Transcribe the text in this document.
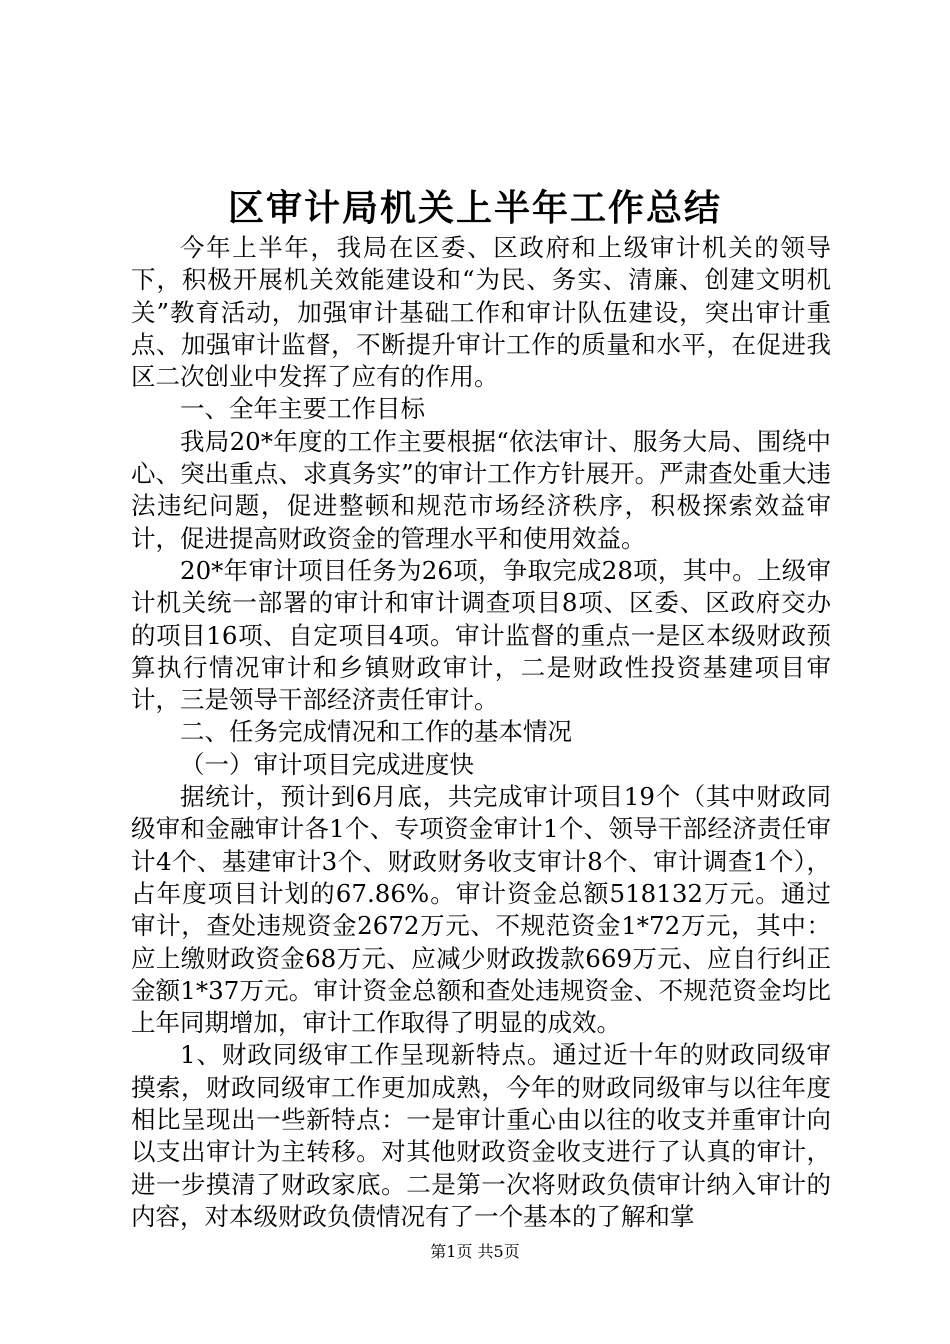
区审计局机关上半年工作总结

今年上半年，我局在区委、区政府和上级审计机关的领导下，积极开展机关效能建设和“为民、务实、清廉、创建文明机关”教育活动，加强审计基础工作和审计队伍建设，突出审计重点、加强审计监督，不断提升审计工作的质量和水平，在促进我区二次创业中发挥了应有的作用。

一、全年主要工作目标

我局20*年度的工作主要根据“依法审计、服务大局、围绕中心、突出重点、求真务实”的审计工作方针展开。严肃查处重大违法违纪问题，促进整顿和规范市场经济秩序，积极探索效益审计，促进提高财政资金的管理水平和使用效益。

20*年审计项目任务为26项，争取完成28项，其中。上级审计机关统一部署的审计和审计调查项目8项、区委、区政府交办的项目16项、自定项目4项。审计监督的重点一是区本级财政预算执行情况审计和乡镇财政审计，二是财政性投资基建项目审计，三是领导干部经济责任审计。

二、任务完成情况和工作的基本情况

（一）审计项目完成进度快

据统计，预计到6月底，共完成审计项目19个（其中财政同级审和金融审计各1个、专项资金审计1个、领导干部经济责任审计4个、基建审计3个、财政财务收支审计8个、审计调查1个），占年度项目计划的67.86%。审计资金总额518132万元。通过审计，查处违规资金2672万元、不规范资金1*72万元，其中：应上缴财政资金68万元、应减少财政拨款669万元、应自行纠正金额1*37万元。审计资金总额和查处违规资金、不规范资金均比上年同期增加，审计工作取得了明显的成效。

1、财政同级审工作呈现新特点。通过近十年的财政同级审摸索，财政同级审工作更加成熟，今年的财政同级审与以往年度相比呈现出一些新特点：一是审计重心由以往的收支并重审计向以支出审计为主转移。对其他财政资金收支进行了认真的审计，进一步摸清了财政家底。二是第一次将财政负债审计纳入审计的内容，对本级财政负债情况有了一个基本的了解和掌

第1页 共5页
